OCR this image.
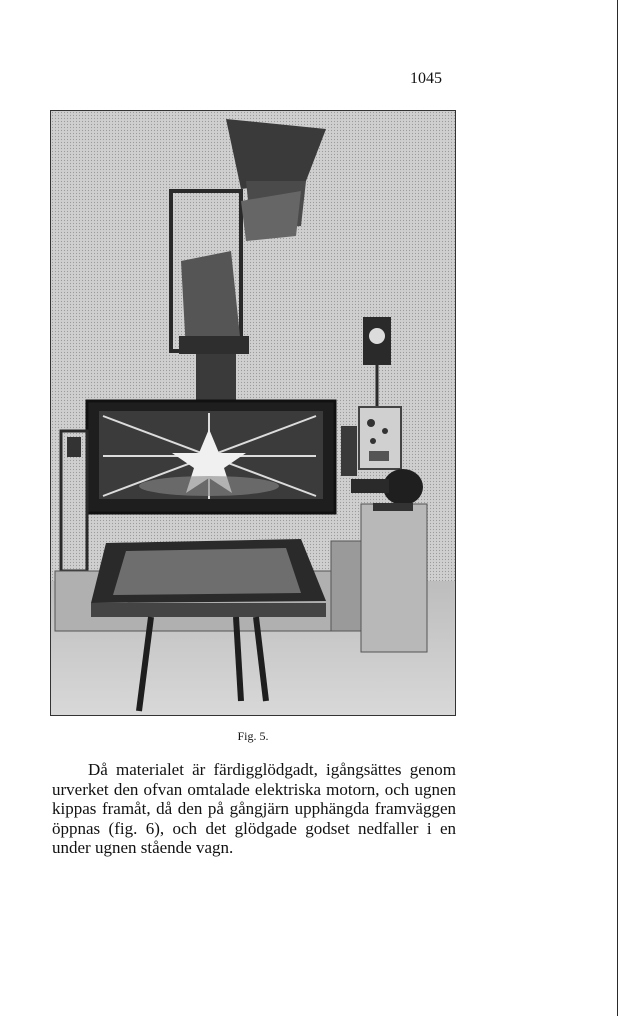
1045
Fig. 5.

Då materialet är färdigglödgadt, igångsättes genom urverket den ofvan omtalade elektriska motorn, och ugnen kippas framåt, då den på gångjärn upphängda framväggen öppnas (fig. 6), och det glödgade godset nedfaller i en under ugnen stående vagn.
